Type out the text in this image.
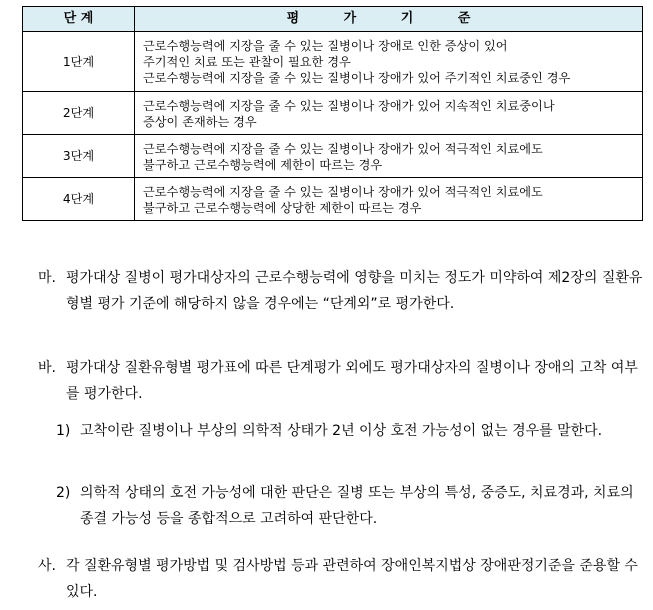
단 계	평 가 기 준
1단계	근로수행능력에 지장을 줄 수 있는 질병이나 장애로 인한 증상이 있어
주기적인 치료 또는 관찰이 필요한 경우
근로수행능력에 지장을 줄 수 있는 질병이나 장애가 있어 주기적인 치료중인 경우

2단계	근로수행능력에 지장을 줄 수 있는 질병이나 장애가 있어 지속적인 치료중이나
증상이 존재하는 경우

3단계	근로수행능력에 지장을 줄 수 있는 질병이나 장애가 있어 적극적인 치료에도
불구하고 근로수행능력에 제한이 따르는 경우

4단계	근로수행능력에 지장을 줄 수 있는 질병이나 장애가 있어 적극적인 치료에도
불구하고 근로수행능력에 상당한 제한이 따르는 경우
마. 평가대상 질병이 평가대상자의 근로수행능력에 영향을 미치는 정도가 미약하여 제2장의 질환유형별 평가 기준에 해당하지 않을 경우에는 “단계외”로 평가한다.
바. 평가대상 질환유형별 평가표에 따른 단계평가 외에도 평가대상자의 질병이나 장애의 고착 여부를 평가한다.
1) 고착이란 질병이나 부상의 의학적 상태가 2년 이상 호전 가능성이 없는 경우를 말한다.
2) 의학적 상태의 호전 가능성에 대한 판단은 질병 또는 부상의 특성, 중증도, 치료경과, 치료의 종결 가능성 등을 종합적으로 고려하여 판단한다.
사. 각 질환유형별 평가방법 및 검사방법 등과 관련하여 장애인복지법상 장애판정기준을 준용할 수 있다.
